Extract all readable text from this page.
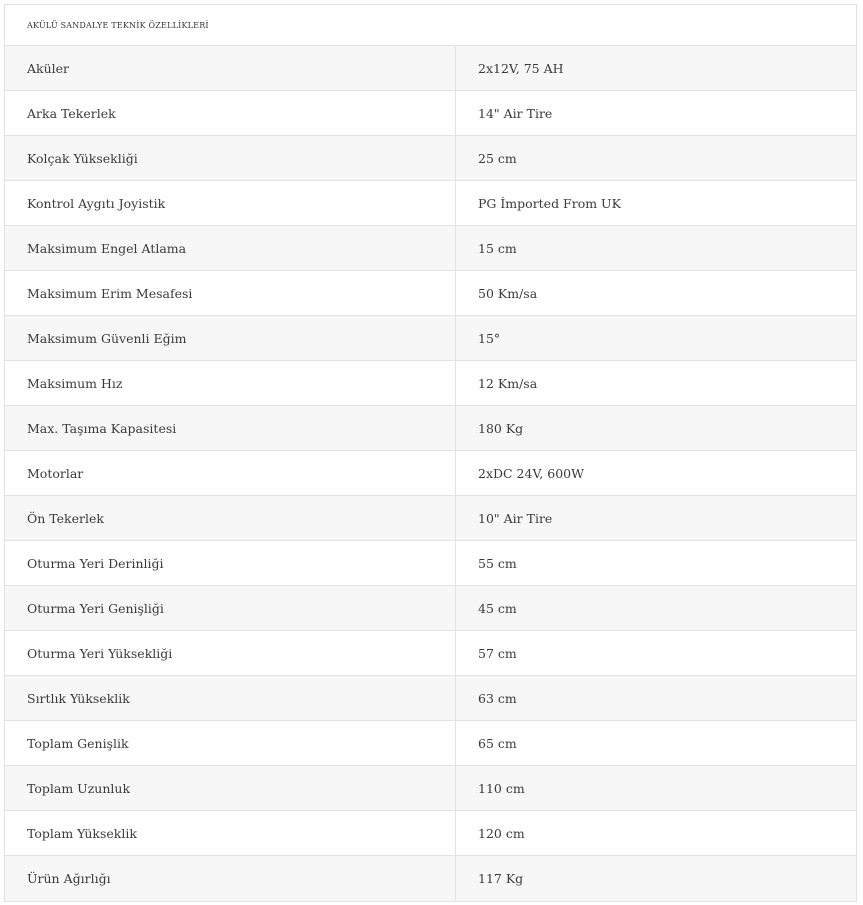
AKÜLÜ SANDALYE TEKNİK ÖZELLİKLERİ
Aküler	2x12V, 75 AH
Arka Tekerlek	14" Air Tire
Kolçak Yüksekliği	25 cm
Kontrol Aygıtı Joyistik	PG İmported From UK
Maksimum Engel Atlama	15 cm
Maksimum Erim Mesafesi	50 Km/sa
Maksimum Güvenli Eğim	15°
Maksimum Hız	12 Km/sa
Max. Taşıma Kapasitesi	180 Kg
Motorlar	2xDC 24V, 600W
Ön Tekerlek	10" Air Tire
Oturma Yeri Derinliği	55 cm
Oturma Yeri Genişliği	45 cm
Oturma Yeri Yüksekliği	57 cm
Sırtlık Yükseklik	63 cm
Toplam Genişlik	65 cm
Toplam Uzunluk	110 cm
Toplam Yükseklik	120 cm
Ürün Ağırlığı	117 Kg
